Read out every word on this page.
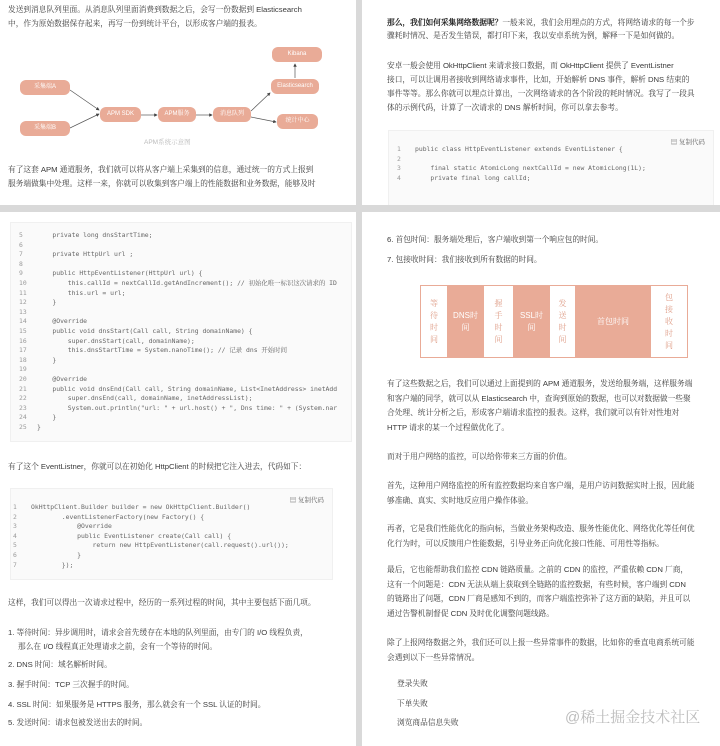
发送到消息队列里面。从消息队列里面消费到数据之后，会写一份数据到 Elasticsearch
中，作为原始数据保存起来，再写一份到统计平台，以形成客户端的报表。
采集端A
采集端B
APM SDK	APM服务	消息队列
Elasticsearch
Kibana
统计中心
APM系统示意图
有了这套 APM 通道服务，我们就可以将从客户端上采集到的信息，通过统一的方式上报到
服务端做集中处理。这样一来，你就可以收集到客户端上的性能数据和业务数据，能够及时
那么，我们如何采集网络数据呢？一般来说，我们会用埋点的方式，将网络请求的每一个步
骤耗时情况、是否发生错误，都打印下来，我以安卓系统为例，解释一下是如何做的。
安卓一般会使用 OkHttpClient 来请求接口数据，而 OkHttpClient 提供了 EventListner
接口，可以让调用者接收到网络请求事件，比如，开始解析 DNS 事件，解析 DNS 结束的
事件等等。那么你就可以埋点计算出，一次网络请求的各个阶段的耗时情况。我写了一段具
体的示例代码，计算了一次请求的 DNS 解析时间，你可以拿去参考。
▤ 复制代码
1 public class HttpEventListener extends EventListener {
2
3    final static AtomicLong nextCallId = new AtomicLong(1L);
4    private final long callId;
5    private long dnsStartTime;
6
7    private HttpUrl url ;
8
9    public HttpEventListener(HttpUrl url) {
10        this.callId = nextCallId.getAndIncrement(); // 初始化唯一标识这次请求的 ID
11        this.url = url;
12    }
13
14    @Override
15    public void dnsStart(Call call, String domainName) {
16        super.dnsStart(call, domainName);
17        this.dnsStartTime = System.nanoTime(); // 记录 dns 开始时间
18    }
19
20    @Override
21    public void dnsEnd(Call call, String domainName, List<InetAddress> inetAdd
22        super.dnsEnd(call, domainName, inetAddressList);
23        System.out.println("url: " + url.host() + ", Dns time: " + (System.nar
24    }
25 }
有了这个 EventListner，你就可以在初始化 HttpClient 的时候把它注入进去，代码如下：
▤ 复制代码
1 OkHttpClient.Builder builder = new OkHttpClient.Builder()
2        .eventListenerFactory(new Factory() {
3            @Override
4            public EventListener create(Call call) {
5                return new HttpEventListener(call.request().url());
6            }
7        });
这样，我们可以得出一次请求过程中，经历的一系列过程的时间，其中主要包括下面几项。
1. 等待时间：异步调用时，请求会首先缓存在本地的队列里面，由专门的 I/O 线程负责，
那么在 I/O 线程真正处理请求之前，会有一个等待的时间。
2. DNS 时间：域名解析时间。
3. 握手时间：TCP 三次握手的时间。
4. SSL 时间：如果服务是 HTTPS 服务，那么就会有一个 SSL 认证的时间。
5. 发送时间：请求包被发送出去的时间。
6. 首包时间：服务端处理后，客户端收到第一个响应包的时间。
7. 包接收时间：我们接收到所有数据的时间。
等待时间
DNS时间
握手时间
SSL时间
发送时间
首包时间
包接收时间
有了这些数据之后，我们可以通过上面提到的 APM 通道服务，发送给服务端，这样服务端
和客户端的同学，就可以从 Elasticsearch 中，查询到原始的数据，也可以对数据做一些聚
合处理、统计分析之后，形成客户端请求监控的报表。这样，我们就可以有针对性地对
HTTP 请求的某一个过程做优化了。
而对于用户网络的监控，可以给你带来三方面的价值。
首先，这种用户网络监控的所有监控数据均来自客户端，是用户访问数据实时上报，因此能
够准确、真实、实时地反应用户操作体验。
再者，它是我们性能优化的指向标，当做业务架构改造、服务性能优化、网络优化等任何优
化行为时，可以反馈用户性能数据，引导业务正向优化接口性能、可用性等指标。
最后，它也能帮助我们监控 CDN 链路质量。之前的 CDN 的监控，严重依赖 CDN 厂商，
这有一个问题是：CDN 无法从端上获取到全链路的监控数据，有些时候，客户端到 CDN
的链路出了问题，CDN 厂商是感知不到的，而客户端监控弥补了这方面的缺陷，并且可以
通过告警机制督促 CDN 及时优化调整问题线路。
除了上报网络数据之外，我们还可以上报一些异常事件的数据，比如你的垂直电商系统可能
会遇到以下一些异常情况。
登录失败
下单失败
浏览商品信息失败	@稀土掘金技术社区
